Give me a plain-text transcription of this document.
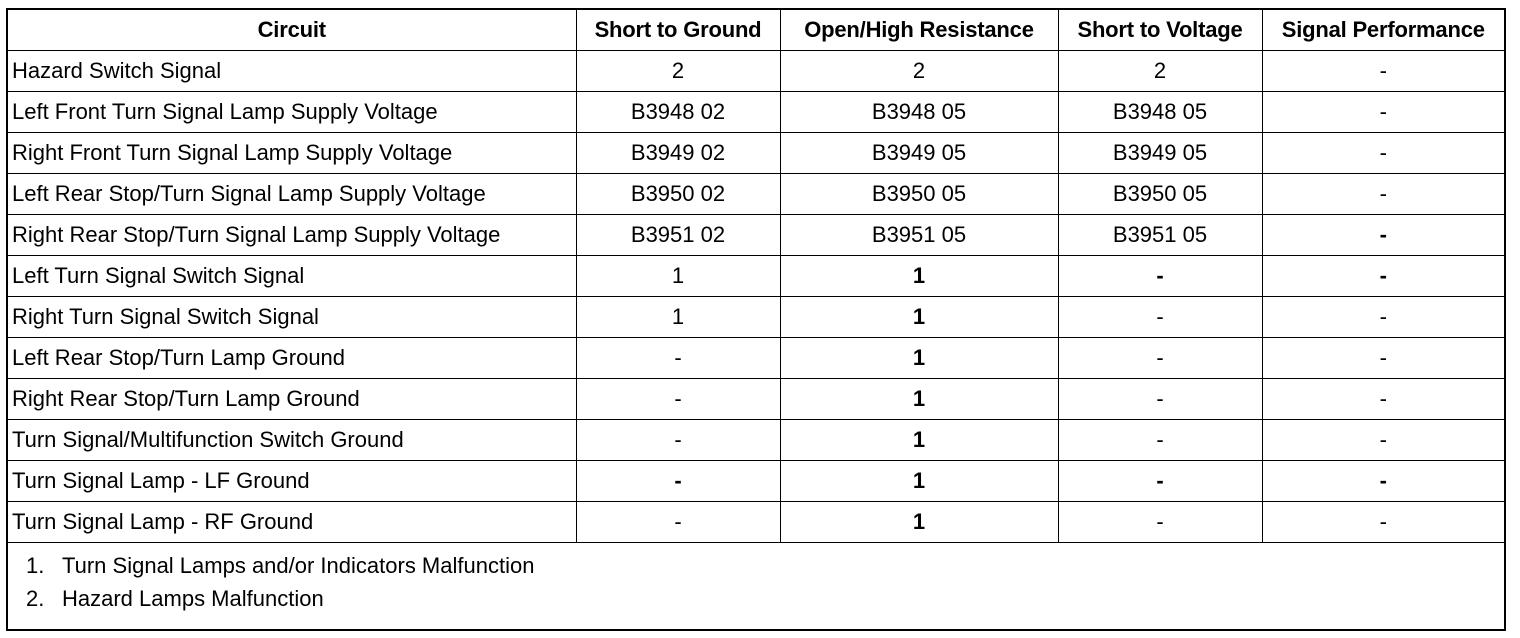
Circuit	Short to Ground	Open/High Resistance	Short to Voltage	Signal Performance
Hazard Switch Signal	2	2	2	-
Left Front Turn Signal Lamp Supply Voltage	B3948 02	B3948 05	B3948 05	-
Right Front Turn Signal Lamp Supply Voltage	B3949 02	B3949 05	B3949 05	-
Left Rear Stop/Turn Signal Lamp Supply Voltage	B3950 02	B3950 05	B3950 05	-
Right Rear Stop/Turn Signal Lamp Supply Voltage	B3951 02	B3951 05	B3951 05	-
Left Turn Signal Switch Signal	1	1	-	-
Right Turn Signal Switch Signal	1	1	-	-
Left Rear Stop/Turn Lamp Ground	-	1	-	-
Right Rear Stop/Turn Lamp Ground	-	1	-	-
Turn Signal/Multifunction Switch Ground	-	1	-	-
Turn Signal Lamp - LF Ground	-	1	-	-
Turn Signal Lamp - RF Ground	-	1	-	-

1. Turn Signal Lamps and/or Indicators Malfunction
2. Hazard Lamps Malfunction				
